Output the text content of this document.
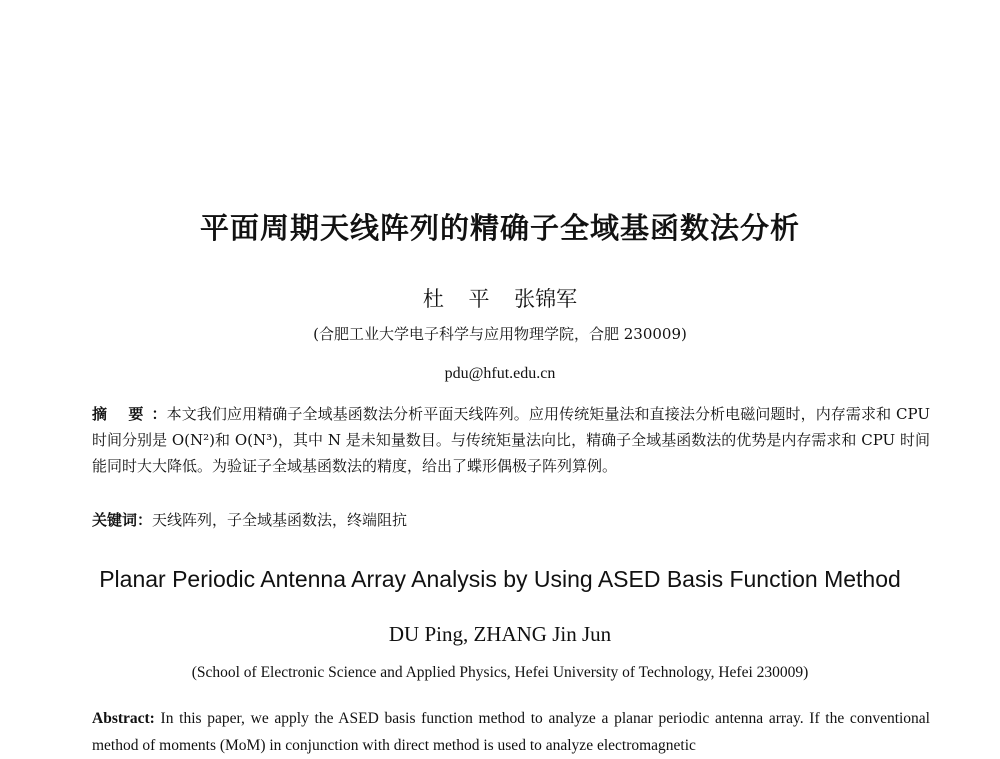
平面周期天线阵列的精确子全域基函数法分析
杜 平 张锦军
(合肥工业大学电子科学与应用物理学院，合肥 230009)
pdu@hfut.edu.cn
摘 要：本文我们应用精确子全域基函数法分析平面天线阵列。应用传统矩量法和直接法分析电磁问题时，内存需求和 CPU 时间分别是 O(N²)和 O(N³)，其中 N 是未知量数目。与传统矩量法向比，精确子全域基函数法的优势是内存需求和 CPU 时间能同时大大降低。为验证子全域基函数法的精度，给出了蝶形偶极子阵列算例。
关键词：天线阵列，子全域基函数法，终端阻抗
Planar Periodic Antenna Array Analysis by Using ASED Basis Function Method
DU Ping, ZHANG Jin Jun
(School of Electronic Science and Applied Physics, Hefei University of Technology, Hefei 230009)
Abstract: In this paper, we apply the ASED basis function method to analyze a planar periodic antenna array. If the conventional method of moments (MoM) in conjunction with direct method is used to analyze electromagnetic
